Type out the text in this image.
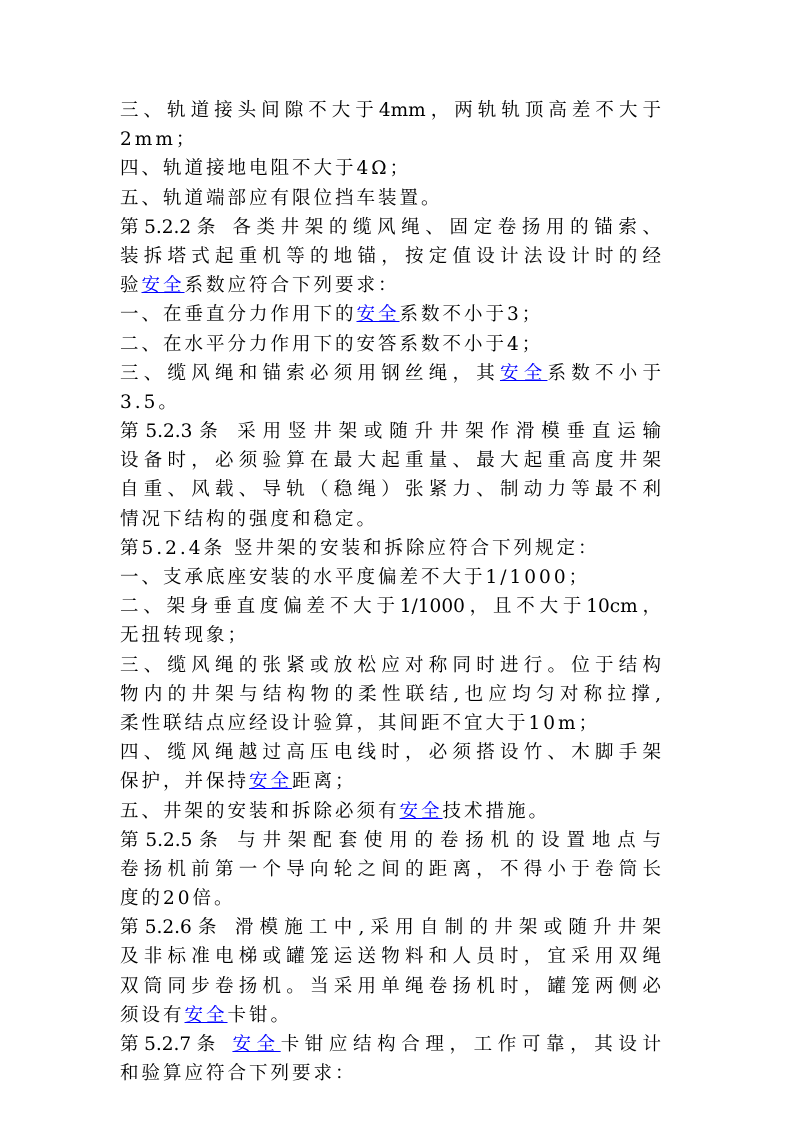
三、轨道接头间隙不大于4mm，两轨轨顶高差不大于
2mm；
四、轨道接地电阻不大于4Ω；
五、轨道端部应有限位挡车装置。
第5.2.2条 各类井架的缆风绳、固定卷扬用的锚索、
装拆塔式起重机等的地锚，按定值设计法设计时的经
验安全系数应符合下列要求：
一、在垂直分力作用下的安全系数不小于3；
二、在水平分力作用下的安答系数不小于4；
三、缆风绳和锚索必须用钢丝绳，其安全系数不小于
3.5。
第5.2.3条 采用竖井架或随升井架作滑模垂直运输
设备时，必须验算在最大起重量、最大起重高度井架
自重、风载、导轨（稳绳）张紧力、制动力等最不利
情况下结构的强度和稳定。
第5.2.4条 竖井架的安装和拆除应符合下列规定：
一、支承底座安装的水平度偏差不大于1/1000；
二、架身垂直度偏差不大于1/1000，且不大于10cm，
无扭转现象；
三、缆风绳的张紧或放松应对称同时进行。位于结构
物内的井架与结构物的柔性联结,也应均匀对称拉撑,
柔性联结点应经设计验算，其间距不宜大于10m；
四、缆风绳越过高压电线时，必须搭设竹、木脚手架
保护，并保持安全距离；
五、井架的安装和拆除必须有安全技术措施。
第5.2.5条 与井架配套使用的卷扬机的设置地点与
卷扬机前第一个导向轮之间的距离，不得小于卷筒长
度的20倍。
第5.2.6条 滑模施工中,采用自制的井架或随升井架
及非标准电梯或罐笼运送物料和人员时，宜采用双绳
双筒同步卷扬机。当采用单绳卷扬机时，罐笼两侧必
须设有安全卡钳。
第5.2.7条 安全卡钳应结构合理，工作可靠，其设计
和验算应符合下列要求：
